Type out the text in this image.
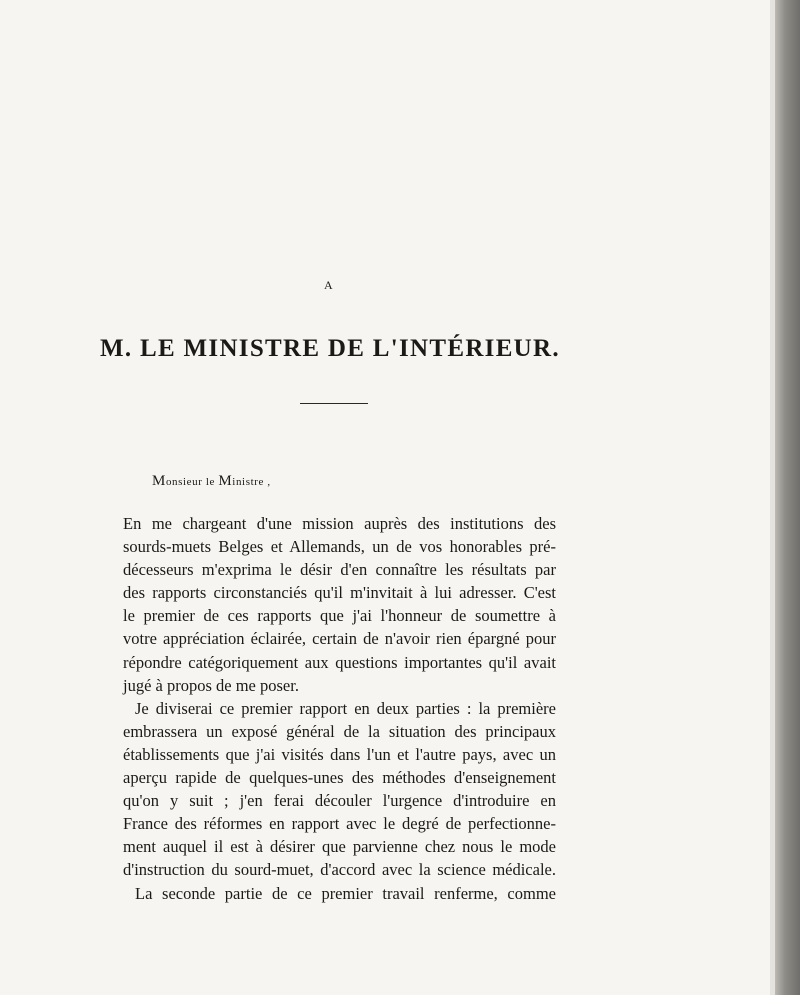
A
M. LE MINISTRE DE L'INTÉRIEUR.
Monsieur le Ministre ,
En me chargeant d'une mission auprès des institutions des
sourds-muets Belges et Allemands, un de vos honorables pré-
décesseurs m'exprima le désir d'en connaître les résultats par
des rapports circonstanciés qu'il m'invitait à lui adresser. C'est
le premier de ces rapports que j'ai l'honneur de soumettre à
votre appréciation éclairée, certain de n'avoir rien épargné pour
répondre catégoriquement aux questions importantes qu'il avait
jugé à propos de me poser.
Je diviserai ce premier rapport en deux parties : la première
embrassera un exposé général de la situation des principaux
établissements que j'ai visités dans l'un et l'autre pays, avec un
aperçu rapide de quelques-unes des méthodes d'enseignement
qu'on y suit ; j'en ferai découler l'urgence d'introduire en
France des réformes en rapport avec le degré de perfectionne-
ment auquel il est à désirer que parvienne chez nous le mode
d'instruction du sourd-muet, d'accord avec la science médicale.
La seconde partie de ce premier travail renferme, comme
